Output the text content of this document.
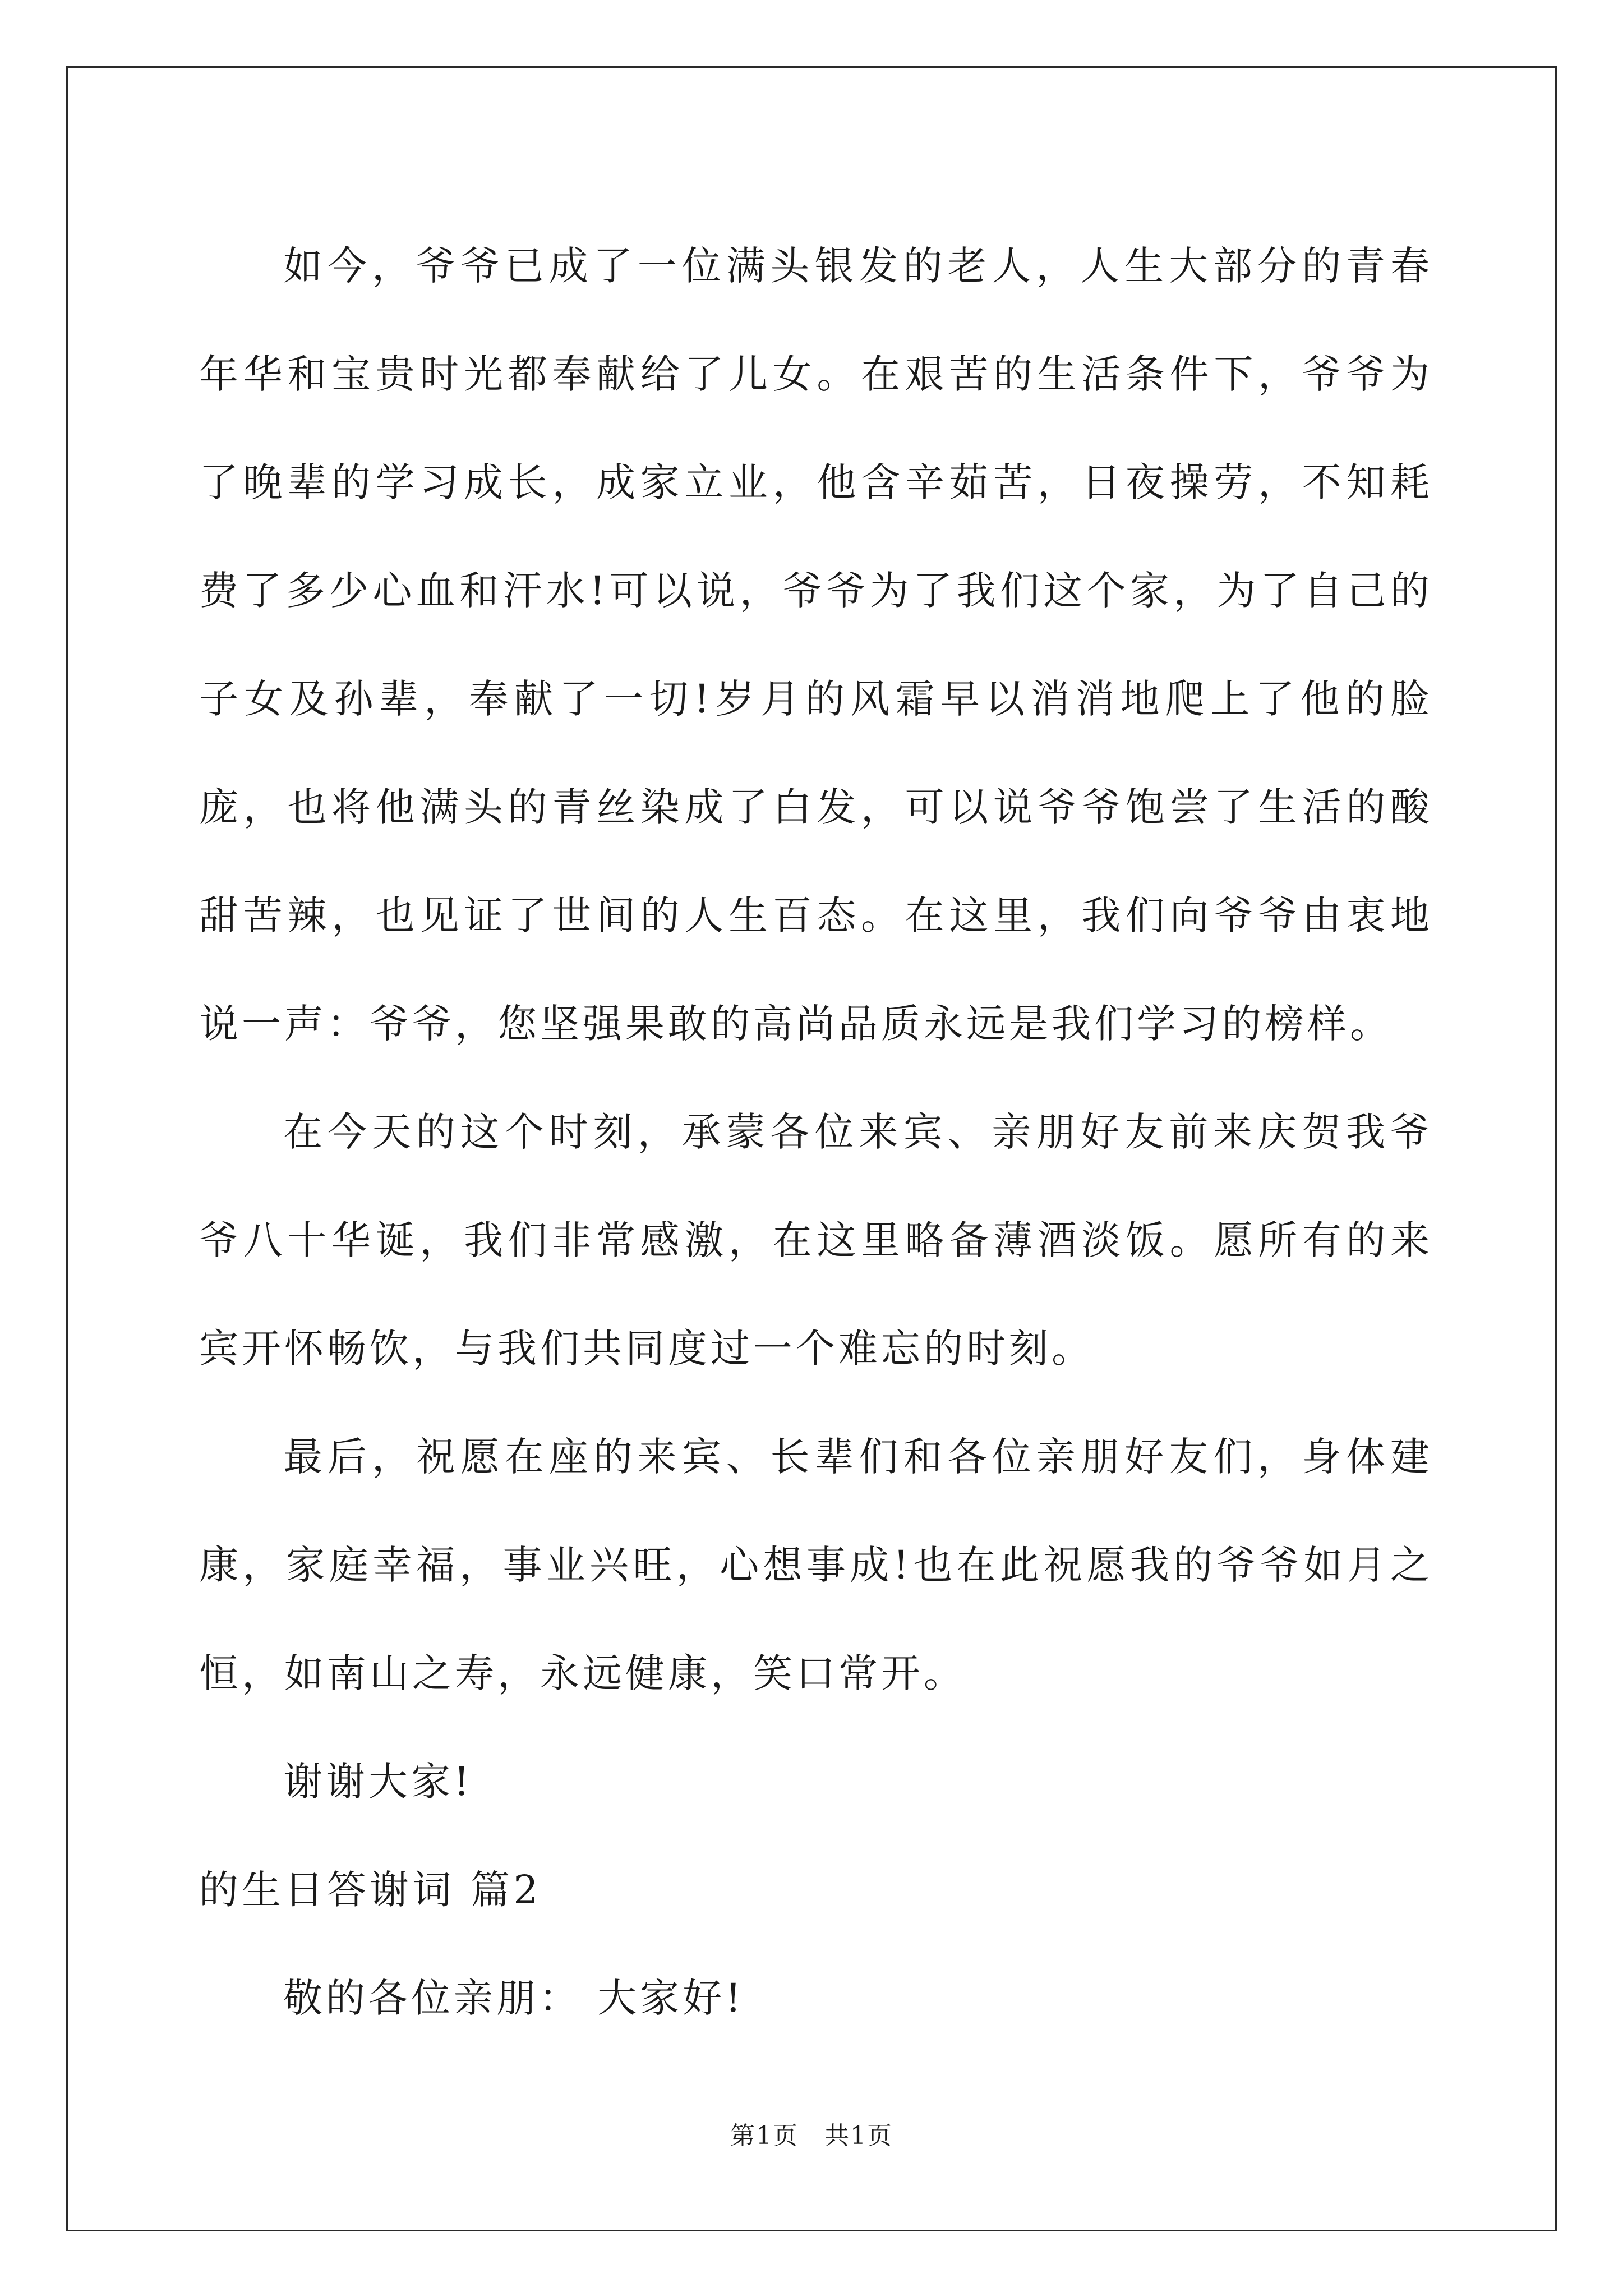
如今，爷爷已成了一位满头银发的老人，人生大部分的青春年华和宝贵时光都奉献给了儿女。在艰苦的生活条件下，爷爷为了晚辈的学习成长，成家立业，他含辛茹苦，日夜操劳，不知耗费了多少心血和汗水!可以说，爷爷为了我们这个家，为了自己的子女及孙辈，奉献了一切!岁月的风霜早以消消地爬上了他的脸庞，也将他满头的青丝染成了白发，可以说爷爷饱尝了生活的酸甜苦辣，也见证了世间的人生百态。在这里，我们向爷爷由衷地说一声：爷爷，您坚强果敢的高尚品质永远是我们学习的榜样。

在今天的这个时刻，承蒙各位来宾、亲朋好友前来庆贺我爷爷八十华诞，我们非常感激，在这里略备薄酒淡饭。愿所有的来宾开怀畅饮，与我们共同度过一个难忘的时刻。

最后，祝愿在座的来宾、长辈们和各位亲朋好友们，身体建康，家庭幸福，事业兴旺，心想事成!也在此祝愿我的爷爷如月之恒，如南山之寿，永远健康，笑口常开。

谢谢大家!

的生日答谢词 篇2

敬的各位亲朋： 大家好!

第1页　共1页
